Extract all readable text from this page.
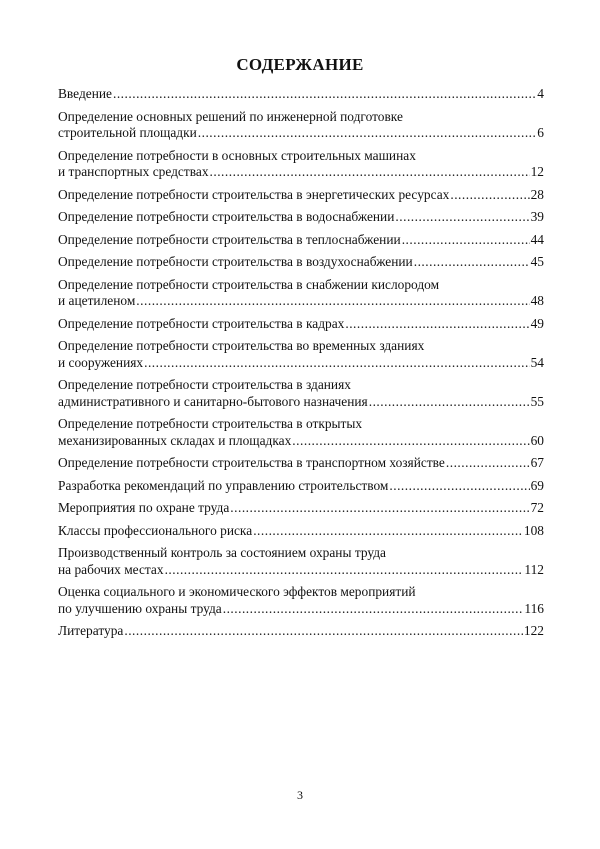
СОДЕРЖАНИЕ
Введение .....	4
Определение основных решений по инженерной подготовке
строительной площадки .....	6
Определение потребности в основных строительных машинах
и транспортных средствах .....	12
Определение потребности строительства в энергетических ресурсах .....	28
Определение потребности строительства в водоснабжении .....	39
Определение потребности строительства в теплоснабжении .....	44
Определение потребности строительства в воздухоснабжении .....	45
Определение потребности строительства в снабжении кислородом
и ацетиленом .....	48
Определение потребности строительства в кадрах .....	49
Определение потребности строительства во временных зданиях
и сооружениях .....	54
Определение потребности строительства в зданиях
административного и санитарно-бытового назначения .....	55
Определение потребности строительства в открытых
механизированных складах и площадках .....	60
Определение потребности строительства в транспортном хозяйстве .....	67
Разработка рекомендаций по управлению строительством .....	69
Мероприятия по охране труда .....	72
Классы профессионального риска .....	108
Производственный контроль за состоянием охраны труда
на рабочих местах .....	112
Оценка социального и экономического эффектов мероприятий
по улучшению охраны труда .....	116
Литература .....	122
3
